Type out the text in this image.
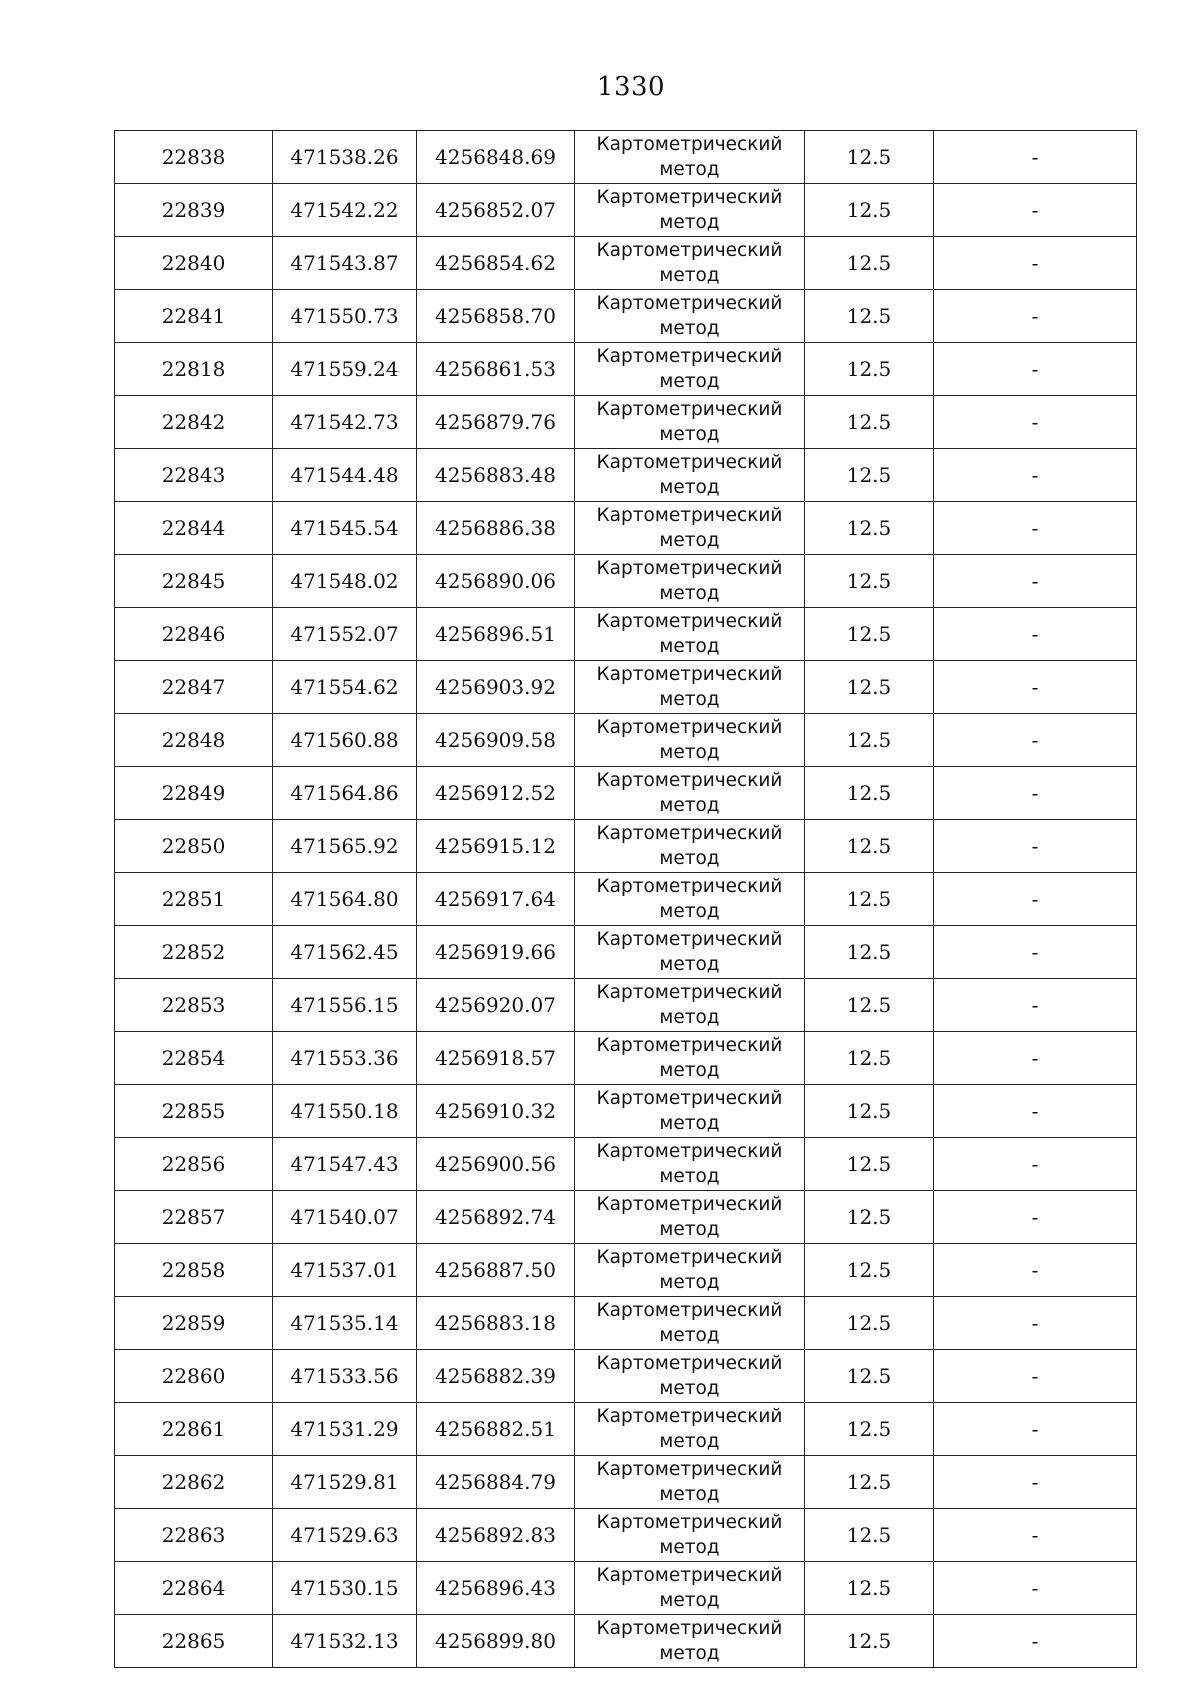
1330
22838	471538.26	4256848.69	Картометрический
метод	12.5	-
22839	471542.22	4256852.07	Картометрический
метод	12.5	-
22840	471543.87	4256854.62	Картометрический
метод	12.5	-
22841	471550.73	4256858.70	Картометрический
метод	12.5	-
22818	471559.24	4256861.53	Картометрический
метод	12.5	-
22842	471542.73	4256879.76	Картометрический
метод	12.5	-
22843	471544.48	4256883.48	Картометрический
метод	12.5	-
22844	471545.54	4256886.38	Картометрический
метод	12.5	-
22845	471548.02	4256890.06	Картометрический
метод	12.5	-
22846	471552.07	4256896.51	Картометрический
метод	12.5	-
22847	471554.62	4256903.92	Картометрический
метод	12.5	-
22848	471560.88	4256909.58	Картометрический
метод	12.5	-
22849	471564.86	4256912.52	Картометрический
метод	12.5	-
22850	471565.92	4256915.12	Картометрический
метод	12.5	-
22851	471564.80	4256917.64	Картометрический
метод	12.5	-
22852	471562.45	4256919.66	Картометрический
метод	12.5	-
22853	471556.15	4256920.07	Картометрический
метод	12.5	-
22854	471553.36	4256918.57	Картометрический
метод	12.5	-
22855	471550.18	4256910.32	Картометрический
метод	12.5	-
22856	471547.43	4256900.56	Картометрический
метод	12.5	-
22857	471540.07	4256892.74	Картометрический
метод	12.5	-
22858	471537.01	4256887.50	Картометрический
метод	12.5	-
22859	471535.14	4256883.18	Картометрический
метод	12.5	-
22860	471533.56	4256882.39	Картометрический
метод	12.5	-
22861	471531.29	4256882.51	Картометрический
метод	12.5	-
22862	471529.81	4256884.79	Картометрический
метод	12.5	-
22863	471529.63	4256892.83	Картометрический
метод	12.5	-
22864	471530.15	4256896.43	Картометрический
метод	12.5	-
22865	471532.13	4256899.80	Картометрический
метод	12.5	-
